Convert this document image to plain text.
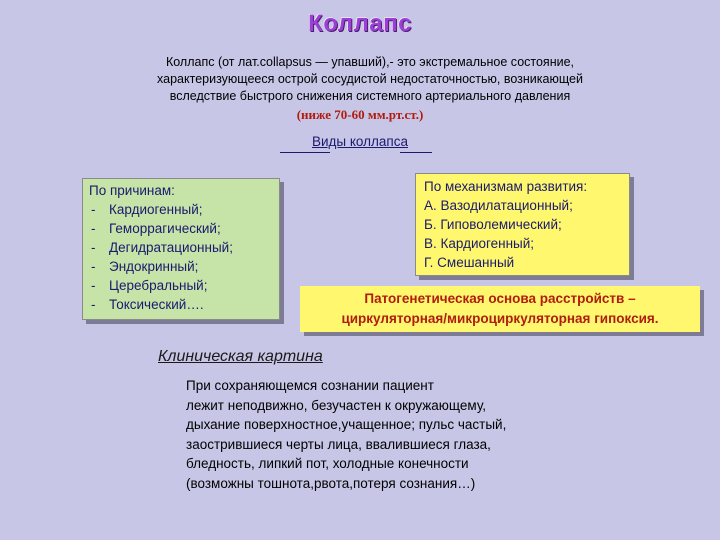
Коллапс
Коллапс (от лат.collapsus — упавший),- это экстремальное состояние,
характеризующееся острой сосудистой недостаточностью, возникающей
вследствие быстрого снижения системного артериального давления
(ниже 70-60 мм.рт.ст.)
Виды коллапса
По причинам:
- Кардиогенный;
- Геморрагический;
- Дегидратационный;
- Эндокринный;
- Церебральный;
- Токсический….
По механизмам развития:
А. Вазодилатационный;
Б. Гиповолемический;
В. Кардиогенный;
Г. Смешанный
Патогенетическая основа расстройств –
циркуляторная/микроциркуляторная гипоксия.
Клиническая картина
При сохраняющемся сознании пациент
лежит неподвижно, безучастен к окружающему,
дыхание поверхностное,учащенное; пульс частый,
заострившиеся черты лица, ввалившиеся глаза,
бледность, липкий пот, холодные конечности
(возможны тошнота,рвота,потеря сознания…)
